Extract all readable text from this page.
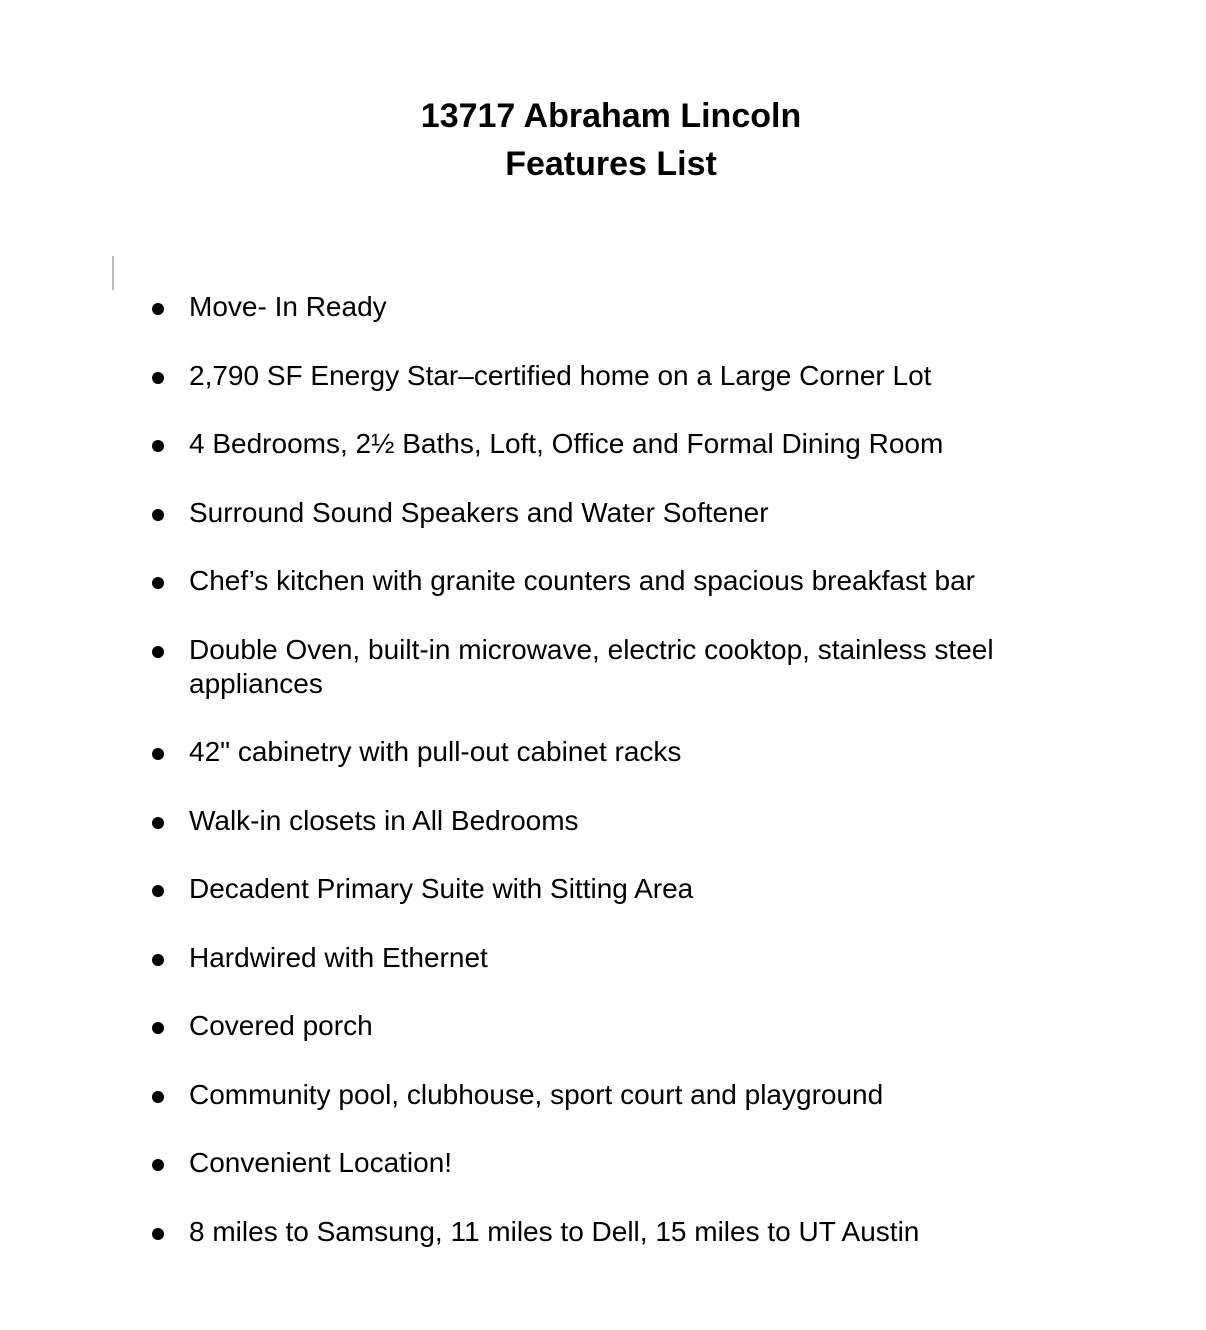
13717 Abraham Lincoln
Features List
Move- In Ready
2,790 SF Energy Star–certified home on a Large Corner Lot
4 Bedrooms, 2½ Baths, Loft, Office and Formal Dining Room
Surround Sound Speakers and Water Softener
Chef’s kitchen with granite counters and spacious breakfast bar
Double Oven, built-in microwave, electric cooktop, stainless steel appliances
42" cabinetry with pull-out cabinet racks
Walk-in closets in All Bedrooms
Decadent Primary Suite with Sitting Area
Hardwired with Ethernet
Covered porch
Community pool, clubhouse, sport court and playground
Convenient Location!
8 miles to Samsung, 11 miles to Dell, 15 miles to UT Austin
